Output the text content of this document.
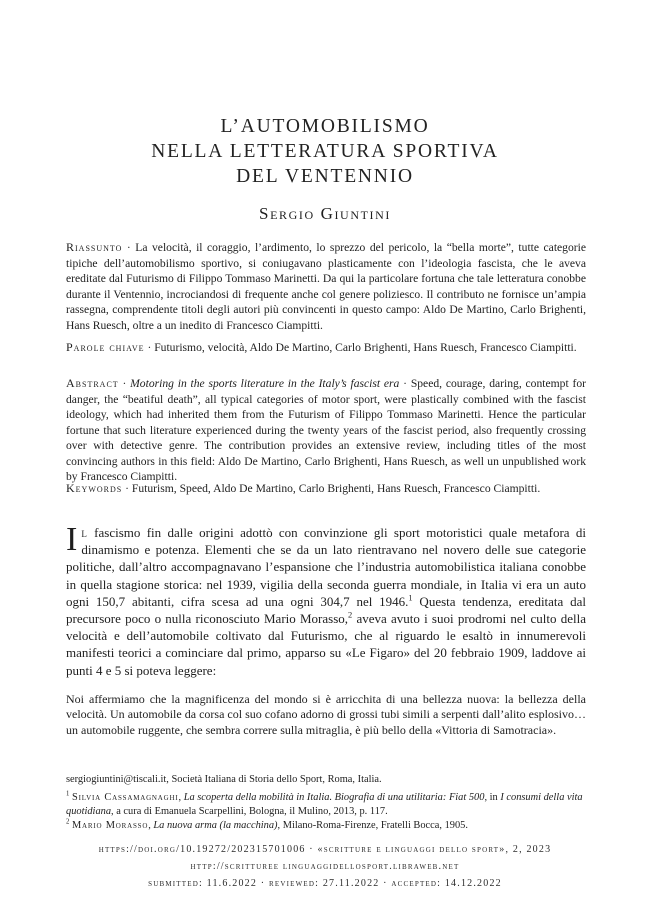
L’AUTOMOBILISMO
NELLA LETTERATURA SPORTIVA
DEL VENTENNIO
Sergio Giuntini
Riassunto · La velocità, il coraggio, l’ardimento, lo sprezzo del pericolo, la “bella morte”, tutte categorie tipiche dell’automobilismo sportivo, si coniugavano plasticamente con l’ideologia fascista, che le aveva ereditate dal Futurismo di Filippo Tommaso Marinetti. Da qui la particolare fortuna che tale letteratura conobbe durante il Ventennio, incrociandosi di frequente anche col genere poliziesco. Il contributo ne fornisce un’ampia rassegna, comprendente titoli degli autori più convincenti in questo campo: Aldo De Martino, Carlo Brighenti, Hans Ruesch, oltre a un inedito di Francesco Ciampitti.
Parole chiave · Futurismo, velocità, Aldo De Martino, Carlo Brighenti, Hans Ruesch, Francesco Ciampitti.
Abstract · Motoring in the sports literature in the Italy’s fascist era · Speed, courage, daring, contempt for danger, the “beatiful death”, all typical categories of motor sport, were plastically combined with the fascist ideology, which had inherited them from the Futurism of Filippo Tommaso Marinetti. Hence the particular fortune that such literature experienced during the twenty years of the fascist period, also frequently crossing over with detective genre. The contribution provides an extensive review, including titles of the most convincing authors in this field: Aldo De Martino, Carlo Brighenti, Hans Ruesch, as well un unpublished work by Francesco Ciampitti.
Keywords · Futurism, Speed, Aldo De Martino, Carlo Brighenti, Hans Ruesch, Francesco Ciampitti.
Il fascismo fin dalle origini adottò con convinzione gli sport motoristici quale metafora di dinamismo e potenza. Elementi che se da un lato rientravano nel novero delle sue categorie politiche, dall’altro accompagnavano l’espansione che l’industria automobilistica italiana conobbe in quella stagione storica: nel 1939, vigilia della seconda guerra mondiale, in Italia vi era un auto ogni 150,7 abitanti, cifra scesa ad una ogni 304,7 nel 1946.$^1$ Questa tendenza, ereditata dal precursore poco o nulla riconosciuto Mario Morasso,$^2$ aveva avuto i suoi prodromi nel culto della velocità e dell’automobile coltivato dal Futurismo, che al riguardo le esaltò in innumerevoli manifesti teorici a cominciare dal primo, apparso su «Le Figaro» del 20 febbraio 1909, laddove ai punti 4 e 5 si poteva leggere:
Noi affermiamo che la magnificenza del mondo si è arricchita di una bellezza nuova: la bellezza della velocità. Un automobile da corsa col suo cofano adorno di grossi tubi simili a serpenti dall’alito esplosivo… un automobile ruggente, che sembra correre sulla mitraglia, è più bello della «Vittoria di Samotracia».

sergiogiuntini@tiscali.it, Società Italiana di Storia dello Sport, Roma, Italia.

$^1$ Silvia Cassamagnaghi, La scoperta della mobilità in Italia. Biografia di una utilitaria: Fiat 500, in I consumi della vita quotidiana, a cura di Emanuela Scarpellini, Bologna, il Mulino, 2013, p. 117.

$^2$ Mario Morasso, La nuova arma (la macchina), Milano-Roma-Firenze, Fratelli Bocca, 1905.

https://doi.org/10.19272/202315701006 · «scritture e linguaggi dello sport», 2, 2023
http://scritturee linguaggidellosport.libraweb.net
submitted: 11.6.2022 · reviewed: 27.11.2022 · accepted: 14.12.2022
